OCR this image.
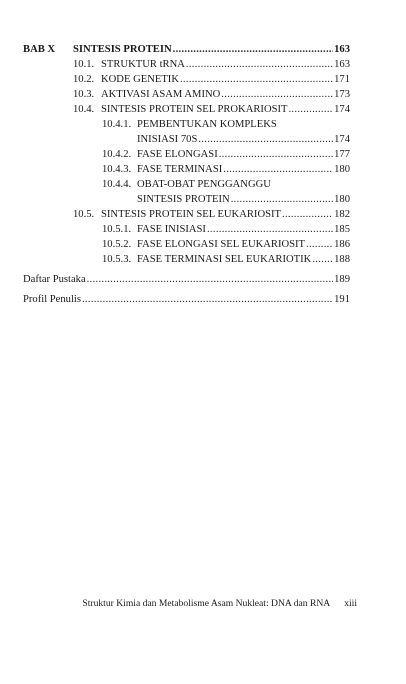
BAB X	SINTESIS PROTEIN .....	163
10.1. STRUKTUR tRNA .....	163
10.2. KODE GENETIK .....	171
10.3. AKTIVASI ASAM AMINO .....	173
10.4. SINTESIS PROTEIN SEL PROKARIOSIT .....	174
10.4.1. PEMBENTUKAN KOMPLEKS
INISIASI 70S .....	174
10.4.2. FASE ELONGASI .....	177
10.4.3. FASE TERMINASI .....	180
10.4.4. OBAT-OBAT PENGGANGGU
SINTESIS PROTEIN .....	180
10.5. SINTESIS PROTEIN SEL EUKARIOSIT .....	182
10.5.1. FASE INISIASI .....	185
10.5.2. FASE ELONGASI SEL EUKARIOSIT .....	186
10.5.3. FASE TERMINASI SEL EUKARIOTIK ..... 188
Daftar Pustaka .....	189
Profil Penulis .....	191
Struktur Kimia dan Metabolisme Asam Nukleat: DNA dan RNA xiii
